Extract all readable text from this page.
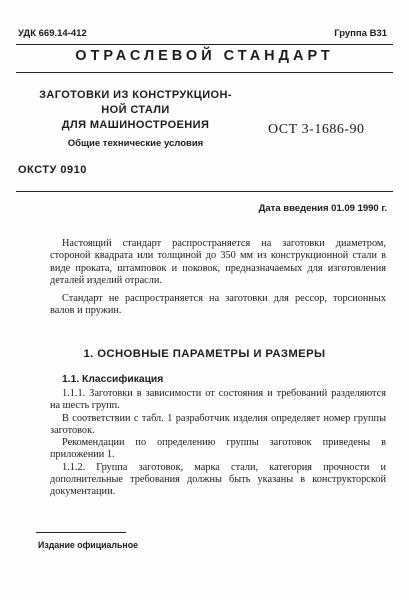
УДК 669.14-412	Группа В31
ОТРАСЛЕВОЙ СТАНДАРТ
ЗАГОТОВКИ ИЗ КОНСТРУКЦИОН-
НОЙ СТАЛИ
ДЛЯ МАШИНОСТРОЕНИЯ
Общие технические условия
ОСТ 3-1686-90
ОКСТУ 0910
Дата введения 01.09 1990 г.

Настоящий стандарт распространяется на заготовки диаметром, стороной квадрата или толщиной до 350 мм из конструкционной стали в виде проката, штамповок и поковок, предназначаемых для изготовления деталей изделий отрасли.

Стандарт не распространяется на заготовки для рессор, торсионных валов и пружин.

1. ОСНОВНЫЕ ПАРАМЕТРЫ И РАЗМЕРЫ
1.1. Классификация

1.1.1. Заготовки в зависимости от состояния и требований разделяются на шесть групп.

В соответствии с табл. 1 разработчик изделия определяет номер группы заготовок.

Рекомендации по определению группы заготовок приведены в приложении 1.

1.1.2. Группа заготовок, марка стали, категория прочности и дополнительные требования должны быть указаны в конструкторской документации.

Издание официальное
